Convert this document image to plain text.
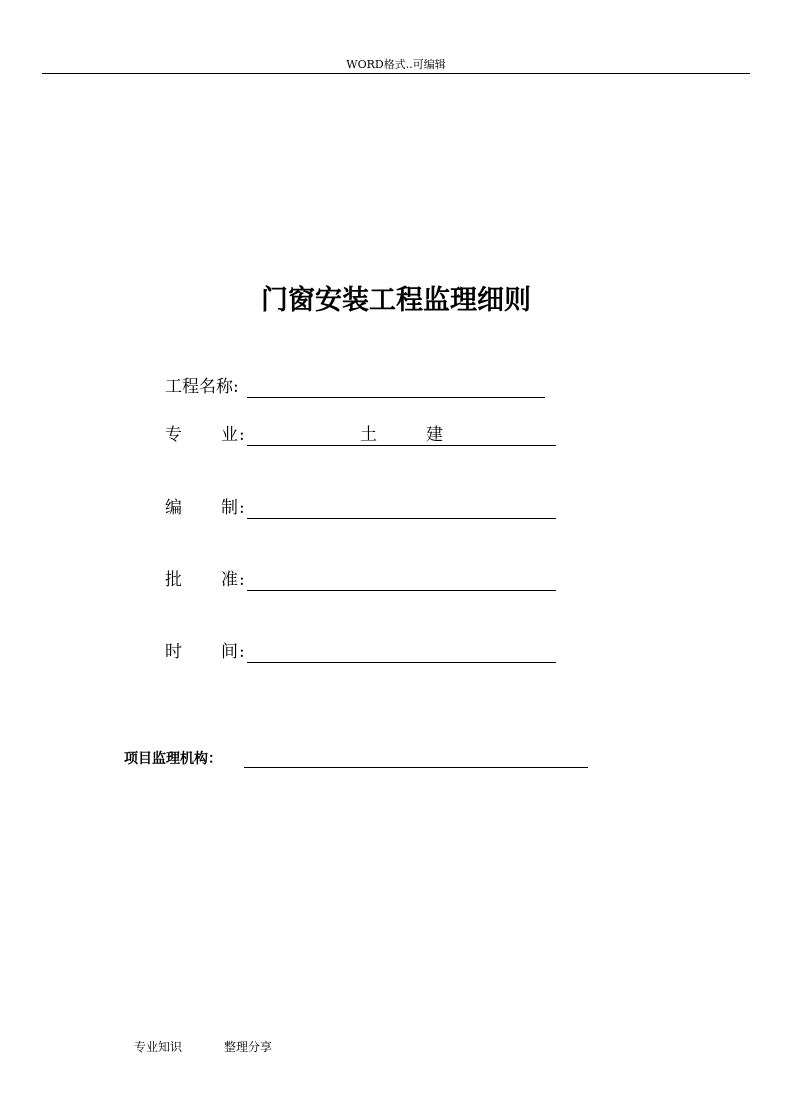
WORD格式..可编辑
门窗安装工程监理细则
工程名称:
专 业 :	土	建
编 制 :
批 准 :
时 间 :
项目监理机构：
专业知识	整理分享
